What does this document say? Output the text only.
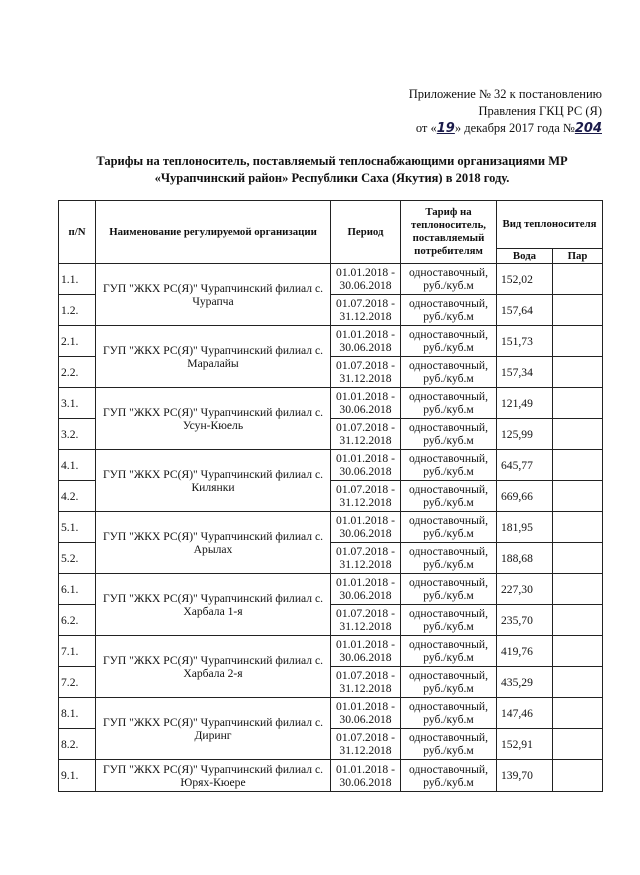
Приложение № 32 к постановлению
Правления ГКЦ РС (Я)
от «19» декабря 2017 года №204
Тарифы на теплоноситель, поставляемый теплоснабжающими организациями МР
«Чурапчинский район» Республики Саха (Якутия) в 2018 году.
п/N	Наименование регулируемой организации	Период	Тариф на теплоноситель, поставляемый потребителям	Вид теплоносителя	
				Вода	Пар
1.1.	ГУП "ЖКХ РС(Я)" Чурапчинский филиал с. Чурапча	01.01.2018 - 30.06.2018	одноставочный, руб./куб.м	152,02	
1.2.		01.07.2018 - 31.12.2018	одноставочный, руб./куб.м	157,64	
2.1.	ГУП "ЖКХ РС(Я)" Чурапчинский филиал с. Маралайы	01.01.2018 - 30.06.2018	одноставочный, руб./куб.м	151,73	
2.2.		01.07.2018 - 31.12.2018	одноставочный, руб./куб.м	157,34	
3.1.	ГУП "ЖКХ РС(Я)" Чурапчинский филиал с. Усун-Кюель	01.01.2018 - 30.06.2018	одноставочный, руб./куб.м	121,49	
3.2.		01.07.2018 - 31.12.2018	одноставочный, руб./куб.м	125,99	
4.1.	ГУП "ЖКХ РС(Я)" Чурапчинский филиал с. Килянки	01.01.2018 - 30.06.2018	одноставочный, руб./куб.м	645,77	
4.2.		01.07.2018 - 31.12.2018	одноставочный, руб./куб.м	669,66	
5.1.	ГУП "ЖКХ РС(Я)" Чурапчинский филиал с. Арылах	01.01.2018 - 30.06.2018	одноставочный, руб./куб.м	181,95	
5.2.		01.07.2018 - 31.12.2018	одноставочный, руб./куб.м	188,68	
6.1.	ГУП "ЖКХ РС(Я)" Чурапчинский филиал с. Харбала 1-я	01.01.2018 - 30.06.2018	одноставочный, руб./куб.м	227,30	
6.2.		01.07.2018 - 31.12.2018	одноставочный, руб./куб.м	235,70	
7.1.	ГУП "ЖКХ РС(Я)" Чурапчинский филиал с. Харбала 2-я	01.01.2018 - 30.06.2018	одноставочный, руб./куб.м	419,76	
7.2.		01.07.2018 - 31.12.2018	одноставочный, руб./куб.м	435,29	
8.1.	ГУП "ЖКХ РС(Я)" Чурапчинский филиал с. Диринг	01.01.2018 - 30.06.2018	одноставочный, руб./куб.м	147,46	
8.2.		01.07.2018 - 31.12.2018	одноставочный, руб./куб.м	152,91	
9.1.	ГУП "ЖКХ РС(Я)" Чурапчинский филиал с. Юрях-Кюере	01.01.2018 - 30.06.2018	одноставочный, руб./куб.м	139,70	
